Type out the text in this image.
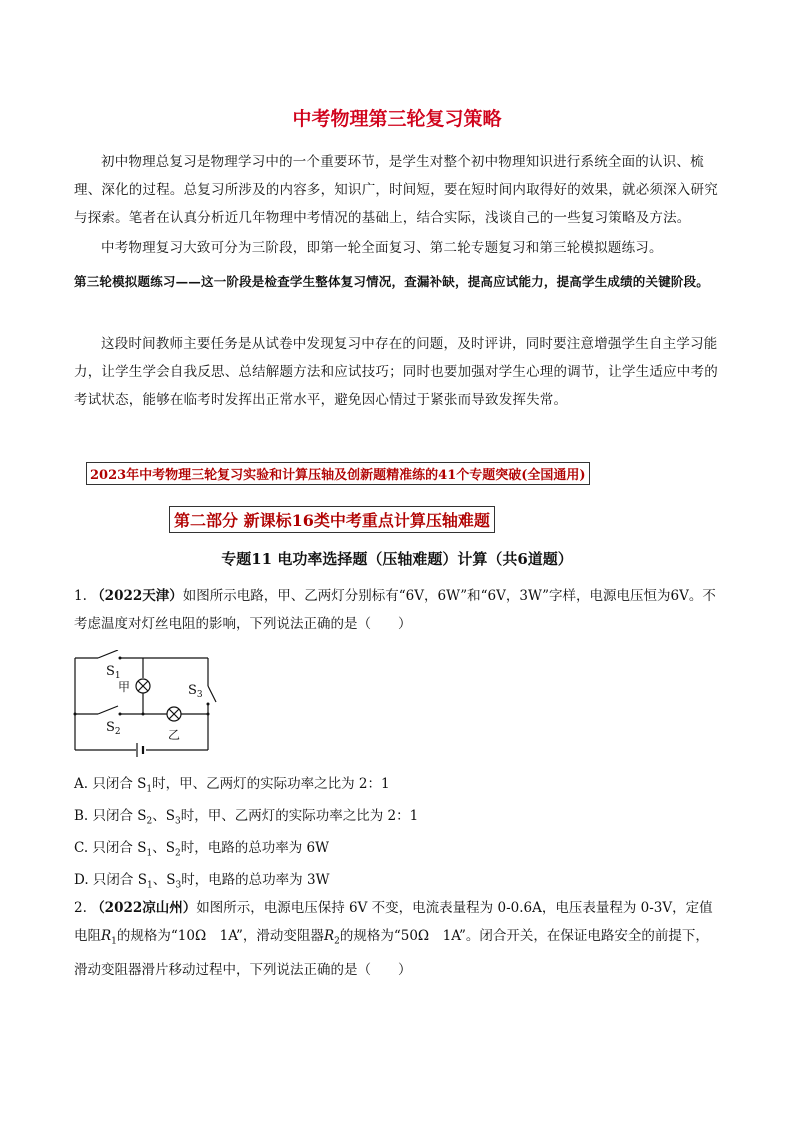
中考物理第三轮复习策略
初中物理总复习是物理学习中的一个重要环节，是学生对整个初中物理知识进行系统全面的认识、梳理、深化的过程。总复习所涉及的内容多，知识广，时间短，要在短时间内取得好的效果，就必须深入研究与探索。笔者在认真分析近几年物理中考情况的基础上，结合实际，浅谈自己的一些复习策略及方法。
中考物理复习大致可分为三阶段，即第一轮全面复习、第二轮专题复习和第三轮模拟题练习。
第三轮模拟题练习——这一阶段是检查学生整体复习情况，查漏补缺，提高应试能力，提高学生成绩的关键阶段。
这段时间教师主要任务是从试卷中发现复习中存在的问题，及时评讲，同时要注意增强学生自主学习能力，让学生学会自我反思、总结解题方法和应试技巧；同时也要加强对学生心理的调节，让学生适应中考的考试状态，能够在临考时发挥出正常水平，避免因心情过于紧张而导致发挥失常。
2023年中考物理三轮复习实验和计算压轴及创新题精准练的41个专题突破(全国通用)
第二部分 新课标16类中考重点计算压轴难题
专题11 电功率选择题（压轴难题）计算（共6道题）
1. （2022天津）如图所示电路，甲、乙两灯分别标有“6V，6W”和“6V，3W”字样，电源电压恒为6V。不考虑温度对灯丝电阻的影响，下列说法正确的是（　　）
$S_1$
$S_2$
$S_3$
甲
乙
A. 只闭合 $S_1$时，甲、乙两灯的实际功率之比为 2：1
B. 只闭合 $S_2$、$S_3$时，甲、乙两灯的实际功率之比为 2：1
C. 只闭合 $S_1$、$S_2$时，电路的总功率为 6W
D. 只闭合 $S_1$、$S_3$时，电路的总功率为 3W
2. （2022凉山州）如图所示，电源电压保持 6V 不变，电流表量程为 0-0.6A，电压表量程为 0-3V，定值电阻$R_1$的规格为“10Ω　1A”，滑动变阻器$R_2$的规格为“50Ω　1A”。闭合开关，在保证电路安全的前提下，滑动变阻器滑片移动过程中，下列说法正确的是（　　）
